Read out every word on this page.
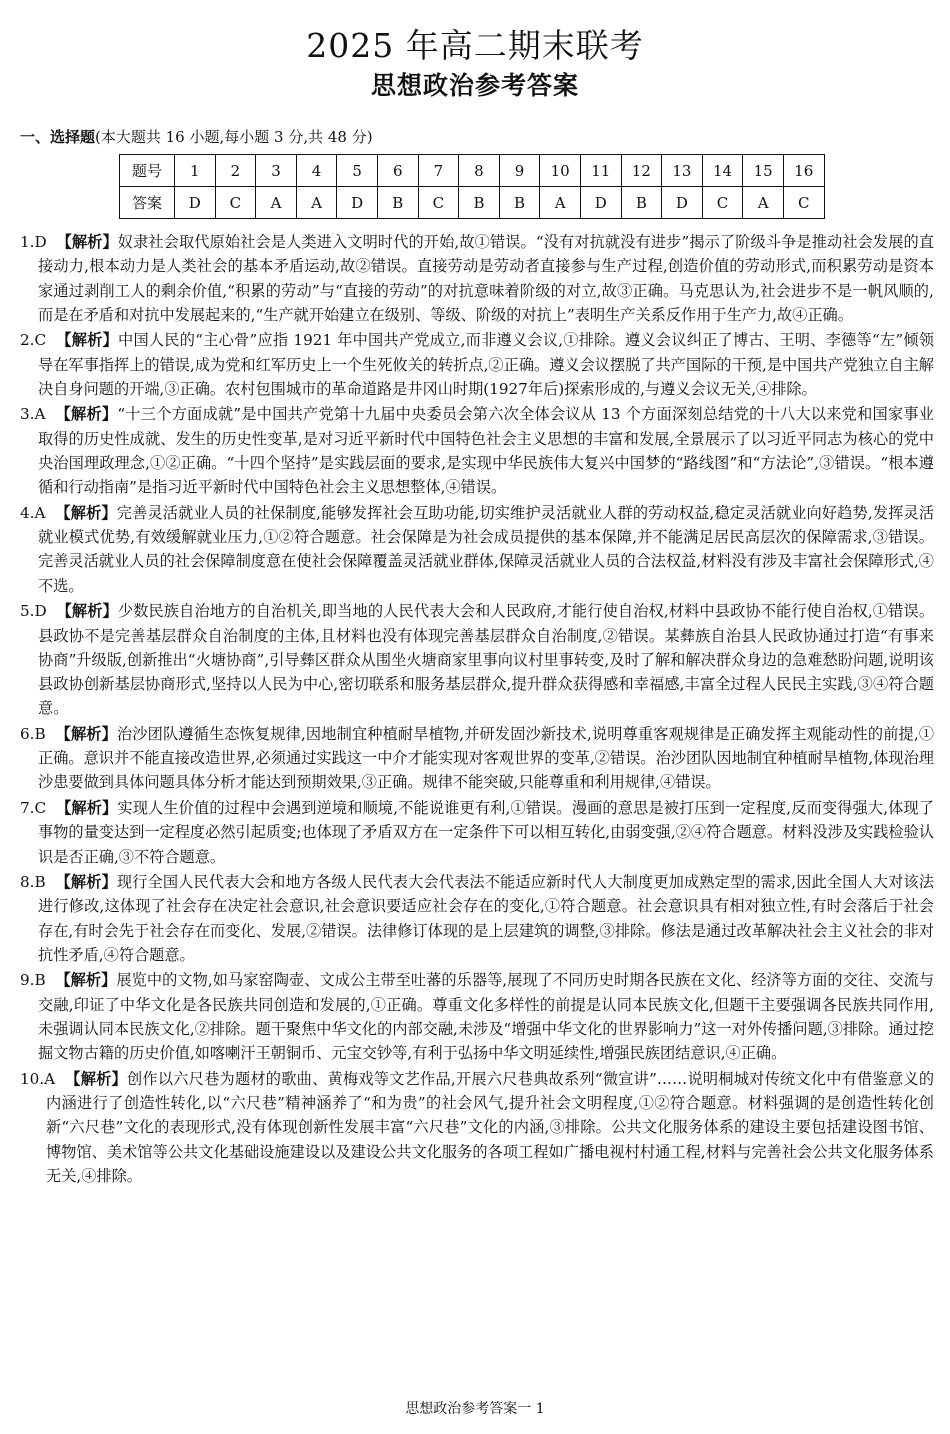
2025 年高二期末联考
思想政治参考答案
一、选择题(本大题共 16 小题,每小题 3 分,共 48 分)
题号	1	2	3	4	5	6	7	8	9	10	11	12	13	14	15	16
答案	D	C	A	A	D	B	C	B	B	A	D	B	D	C	A	C
1.D 【解析】奴隶社会取代原始社会是人类进入文明时代的开始,故①错误。“没有对抗就没有进步”揭示了阶级斗争是推动社会发展的直接动力,根本动力是人类社会的基本矛盾运动,故②错误。直接劳动是劳动者直接参与生产过程,创造价值的劳动形式,而积累劳动是资本家通过剥削工人的剩余价值,“积累的劳动”与“直接的劳动”的对抗意味着阶级的对立,故③正确。马克思认为,社会进步不是一帆风顺的,而是在矛盾和对抗中发展起来的,“生产就开始建立在级别、等级、阶级的对抗上”表明生产关系反作用于生产力,故④正确。
2.C 【解析】中国人民的“主心骨”应指 1921 年中国共产党成立,而非遵义会议,①排除。遵义会议纠正了博古、王明、李德等“左”倾领导在军事指挥上的错误,成为党和红军历史上一个生死攸关的转折点,②正确。遵义会议摆脱了共产国际的干预,是中国共产党独立自主解决自身问题的开端,③正确。农村包围城市的革命道路是井冈山时期(1927年后)探索形成的,与遵义会议无关,④排除。
3.A 【解析】“十三个方面成就”是中国共产党第十九届中央委员会第六次全体会议从 13 个方面深刻总结党的十八大以来党和国家事业取得的历史性成就、发生的历史性变革,是对习近平新时代中国特色社会主义思想的丰富和发展,全景展示了以习近平同志为核心的党中央治国理政理念,①②正确。“十四个坚持”是实践层面的要求,是实现中华民族伟大复兴中国梦的“路线图”和“方法论”,③错误。“根本遵循和行动指南”是指习近平新时代中国特色社会主义思想整体,④错误。
4.A 【解析】完善灵活就业人员的社保制度,能够发挥社会互助功能,切实维护灵活就业人群的劳动权益,稳定灵活就业向好趋势,发挥灵活就业模式优势,有效缓解就业压力,①②符合题意。社会保障是为社会成员提供的基本保障,并不能满足居民高层次的保障需求,③错误。完善灵活就业人员的社会保障制度意在使社会保障覆盖灵活就业群体,保障灵活就业人员的合法权益,材料没有涉及丰富社会保障形式,④不选。
5.D 【解析】少数民族自治地方的自治机关,即当地的人民代表大会和人民政府,才能行使自治权,材料中县政协不能行使自治权,①错误。县政协不是完善基层群众自治制度的主体,且材料也没有体现完善基层群众自治制度,②错误。某彝族自治县人民政协通过打造“有事来协商”升级版,创新推出“火塘协商”,引导彝区群众从围坐火塘商家里事向议村里事转变,及时了解和解决群众身边的急难愁盼问题,说明该县政协创新基层协商形式,坚持以人民为中心,密切联系和服务基层群众,提升群众获得感和幸福感,丰富全过程人民民主实践,③④符合题意。
6.B 【解析】治沙团队遵循生态恢复规律,因地制宜种植耐旱植物,并研发固沙新技术,说明尊重客观规律是正确发挥主观能动性的前提,①正确。意识并不能直接改造世界,必须通过实践这一中介才能实现对客观世界的变革,②错误。治沙团队因地制宜种植耐旱植物,体现治理沙患要做到具体问题具体分析才能达到预期效果,③正确。规律不能突破,只能尊重和利用规律,④错误。
7.C 【解析】实现人生价值的过程中会遇到逆境和顺境,不能说谁更有利,①错误。漫画的意思是被打压到一定程度,反而变得强大,体现了事物的量变达到一定程度必然引起质变;也体现了矛盾双方在一定条件下可以相互转化,由弱变强,②④符合题意。材料没涉及实践检验认识是否正确,③不符合题意。
8.B 【解析】现行全国人民代表大会和地方各级人民代表大会代表法不能适应新时代人大制度更加成熟定型的需求,因此全国人大对该法进行修改,这体现了社会存在决定社会意识,社会意识要适应社会存在的变化,①符合题意。社会意识具有相对独立性,有时会落后于社会存在,有时会先于社会存在而变化、发展,②错误。法律修订体现的是上层建筑的调整,③排除。修法是通过改革解决社会主义社会的非对抗性矛盾,④符合题意。
9.B 【解析】展览中的文物,如马家窑陶壶、文成公主带至吐蕃的乐器等,展现了不同历史时期各民族在文化、经济等方面的交往、交流与交融,印证了中华文化是各民族共同创造和发展的,①正确。尊重文化多样性的前提是认同本民族文化,但题干主要强调各民族共同作用,未强调认同本民族文化,②排除。题干聚焦中华文化的内部交融,未涉及“增强中华文化的世界影响力”这一对外传播问题,③排除。通过挖掘文物古籍的历史价值,如喀喇汗王朝铜币、元宝交钞等,有利于弘扬中华文明延续性,增强民族团结意识,④正确。
10.A 【解析】创作以六尺巷为题材的歌曲、黄梅戏等文艺作品,开展六尺巷典故系列“微宣讲”……说明桐城对传统文化中有借鉴意义的内涵进行了创造性转化,以“六尺巷”精神涵养了“和为贵”的社会风气,提升社会文明程度,①②符合题意。材料强调的是创造性转化创新“六尺巷”文化的表现形式,没有体现创新性发展丰富“六尺巷”文化的内涵,③排除。公共文化服务体系的建设主要包括建设图书馆、博物馆、美术馆等公共文化基础设施建设以及建设公共文化服务的各项工程如广播电视村村通工程,材料与完善社会公共文化服务体系无关,④排除。
思想政治参考答案一 1
